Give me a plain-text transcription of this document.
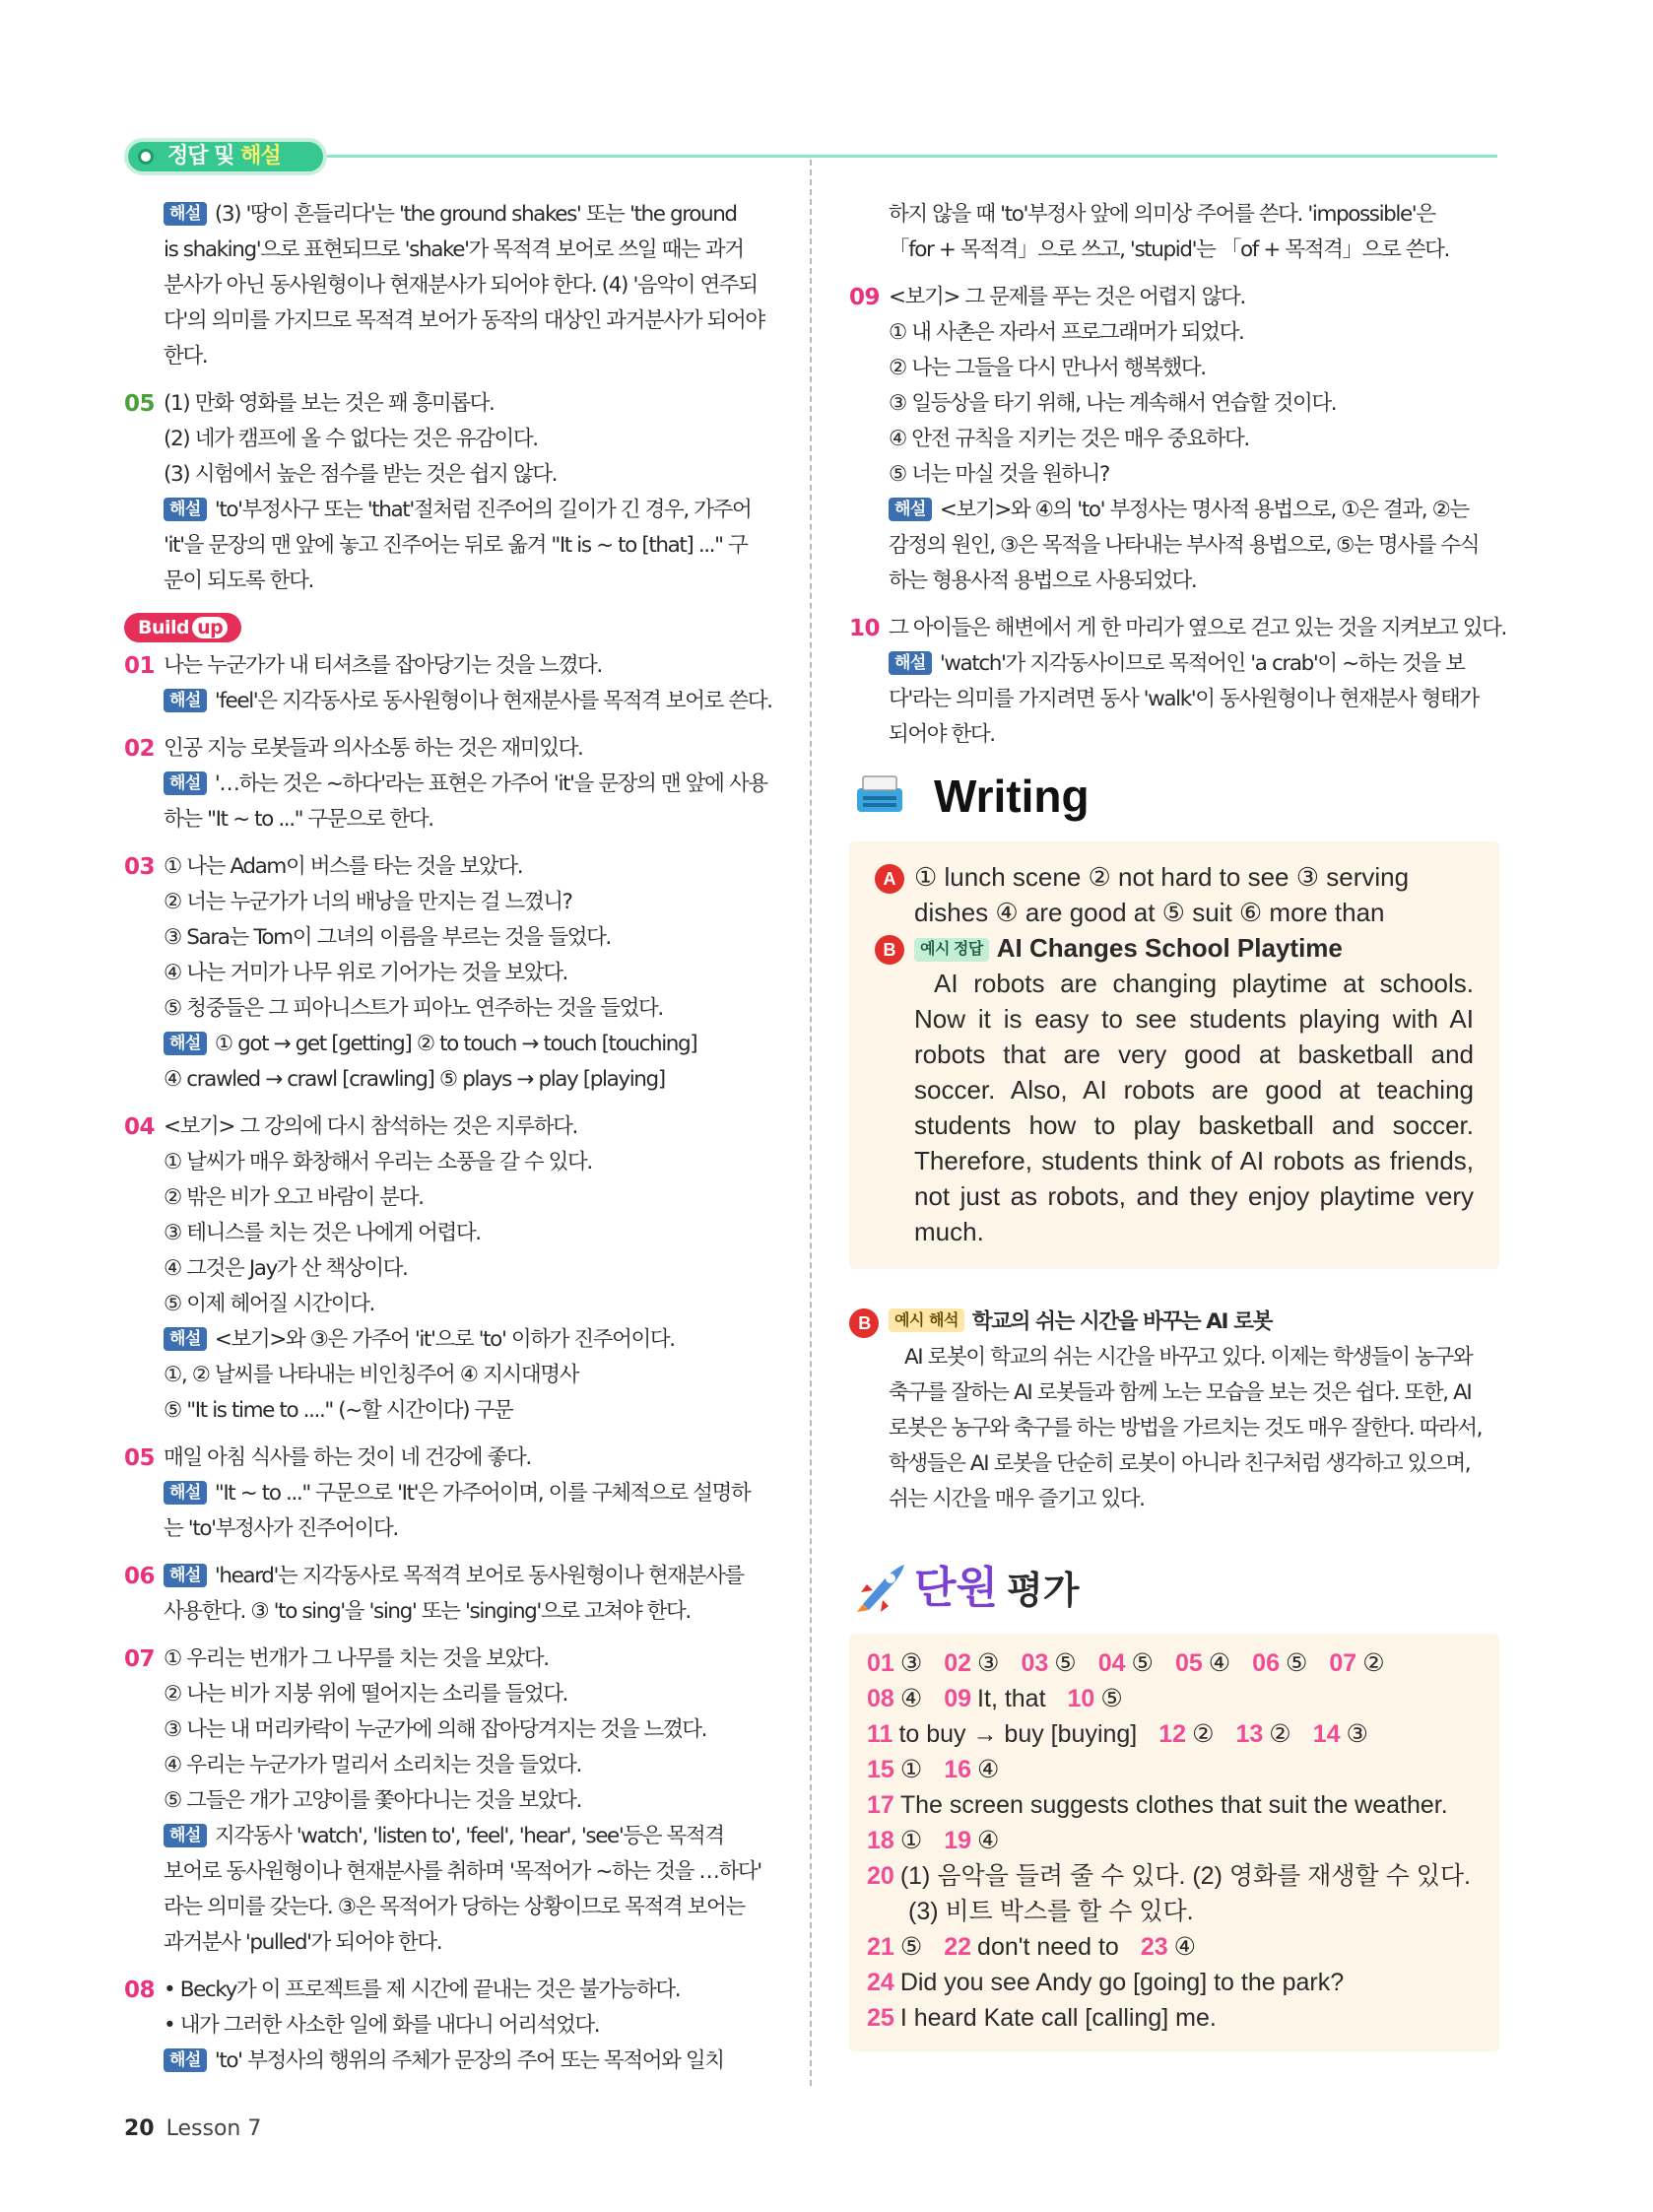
정답 및 해설
해설 (3) '땅이 흔들리다'는 'the ground shakes' 또는 'the ground
is shaking'으로 표현되므로 'shake'가 목적격 보어로 쓰일 때는 과거
분사가 아닌 동사원형이나 현재분사가 되어야 한다. (4) '음악이 연주되
다'의 의미를 가지므로 목적격 보어가 동작의 대상인 과거분사가 되어야
한다.
05 (1) 만화 영화를 보는 것은 꽤 흥미롭다.
(2) 네가 캠프에 올 수 없다는 것은 유감이다.
(3) 시험에서 높은 점수를 받는 것은 쉽지 않다.
해설 'to'부정사구 또는 'that'절처럼 진주어의 길이가 긴 경우, 가주어
'it'을 문장의 맨 앞에 놓고 진주어는 뒤로 옮겨 "It is ~ to [that] ..." 구
문이 되도록 한다.
Build up
01 나는 누군가가 내 티셔츠를 잡아당기는 것을 느꼈다.
해설 'feel'은 지각동사로 동사원형이나 현재분사를 목적격 보어로 쓴다.
02 인공 지능 로봇들과 의사소통 하는 것은 재미있다.
해설 '…하는 것은 ~하다'라는 표현은 가주어 'it'을 문장의 맨 앞에 사용
하는 "It ~ to ..." 구문으로 한다.
03 ① 나는 Adam이 버스를 타는 것을 보았다.
② 너는 누군가가 너의 배낭을 만지는 걸 느꼈니?
③ Sara는 Tom이 그녀의 이름을 부르는 것을 들었다.
④ 나는 거미가 나무 위로 기어가는 것을 보았다.
⑤ 청중들은 그 피아니스트가 피아노 연주하는 것을 들었다.
해설 ① got → get [getting] ② to touch → touch [touching]
④ crawled → crawl [crawling] ⑤ plays → play [playing]
04 <보기> 그 강의에 다시 참석하는 것은 지루하다.
① 날씨가 매우 화창해서 우리는 소풍을 갈 수 있다.
② 밖은 비가 오고 바람이 분다.
③ 테니스를 치는 것은 나에게 어렵다.
④ 그것은 Jay가 산 책상이다.
⑤ 이제 헤어질 시간이다.
해설 <보기>와 ③은 가주어 'it'으로 'to' 이하가 진주어이다.
①, ② 날씨를 나타내는 비인칭주어 ④ 지시대명사
⑤ "It is time to ...." (~할 시간이다) 구문
05 매일 아침 식사를 하는 것이 네 건강에 좋다.
해설 "It ~ to ..." 구문으로 'It'은 가주어이며, 이를 구체적으로 설명하
는 'to'부정사가 진주어이다.
06 해설 'heard'는 지각동사로 목적격 보어로 동사원형이나 현재분사를
사용한다. ③ 'to sing'을 'sing' 또는 'singing'으로 고쳐야 한다.
07 ① 우리는 번개가 그 나무를 치는 것을 보았다.
② 나는 비가 지붕 위에 떨어지는 소리를 들었다.
③ 나는 내 머리카락이 누군가에 의해 잡아당겨지는 것을 느꼈다.
④ 우리는 누군가가 멀리서 소리치는 것을 들었다.
⑤ 그들은 개가 고양이를 쫓아다니는 것을 보았다.
해설 지각동사 'watch', 'listen to', 'feel', 'hear', 'see'등은 목적격
보어로 동사원형이나 현재분사를 취하며 '목적어가 ~하는 것을 …하다'
라는 의미를 갖는다. ③은 목적어가 당하는 상황이므로 목적격 보어는
과거분사 'pulled'가 되어야 한다.
08 • Becky가 이 프로젝트를 제 시간에 끝내는 것은 불가능하다.
• 내가 그러한 사소한 일에 화를 내다니 어리석었다.
해설 'to' 부정사의 행위의 주체가 문장의 주어 또는 목적어와 일치
하지 않을 때 'to'부정사 앞에 의미상 주어를 쓴다. 'impossible'은
「for + 목적격」으로 쓰고, 'stupid'는 「of + 목적격」으로 쓴다.
09 <보기> 그 문제를 푸는 것은 어렵지 않다.
① 내 사촌은 자라서 프로그래머가 되었다.
② 나는 그들을 다시 만나서 행복했다.
③ 일등상을 타기 위해, 나는 계속해서 연습할 것이다.
④ 안전 규칙을 지키는 것은 매우 중요하다.
⑤ 너는 마실 것을 원하니?
해설 <보기>와 ④의 'to' 부정사는 명사적 용법으로, ①은 결과, ②는
감정의 원인, ③은 목적을 나타내는 부사적 용법으로, ⑤는 명사를 수식
하는 형용사적 용법으로 사용되었다.
10 그 아이들은 해변에서 게 한 마리가 옆으로 걷고 있는 것을 지켜보고 있다.
해설 'watch'가 지각동사이므로 목적어인 'a crab'이 ~하는 것을 보
다'라는 의미를 가지려면 동사 'walk'이 동사원형이나 현재분사 형태가
되어야 한다.
Writing
A ① lunch scene ② not hard to see ③ serving
dishes ④ are good at ⑤ suit ⑥ more than
B	예시 정답 AI Changes School Playtime
AI robots are changing playtime at schools.
Now it is easy to see students playing with AI
robots that are very good at basketball and
soccer. Also, AI robots are good at teaching
students how to play basketball and soccer.
Therefore, students think of AI robots as friends,
not just as robots, and they enjoy playtime very
much.
B	예시 해석 학교의 쉬는 시간을 바꾸는 AI 로봇
AI 로봇이 학교의 쉬는 시간을 바꾸고 있다. 이제는 학생들이 농구와
축구를 잘하는 AI 로봇들과 함께 노는 모습을 보는 것은 쉽다. 또한, AI
로봇은 농구와 축구를 하는 방법을 가르치는 것도 매우 잘한다. 따라서,
학생들은 AI 로봇을 단순히 로봇이 아니라 친구처럼 생각하고 있으며,
쉬는 시간을 매우 즐기고 있다.
단원 평가
01 ③ 02 ③ 03 ⑤ 04 ⑤ 05 ④ 06 ⑤ 07 ②
08 ④ 09 It, that 10 ⑤
11 to buy → buy [buying] 12 ② 13 ② 14 ③
15 ① 16 ④
17 The screen suggests clothes that suit the weather.
18 ① 19 ④
20 (1) 음악을 들려 줄 수 있다. (2) 영화를 재생할 수 있다.
(3) 비트 박스를 할 수 있다.
21 ⑤ 22 don't need to 23 ④
24 Did you see Andy go [going] to the park?
25 I heard Kate call [calling] me.
20 Lesson 7
